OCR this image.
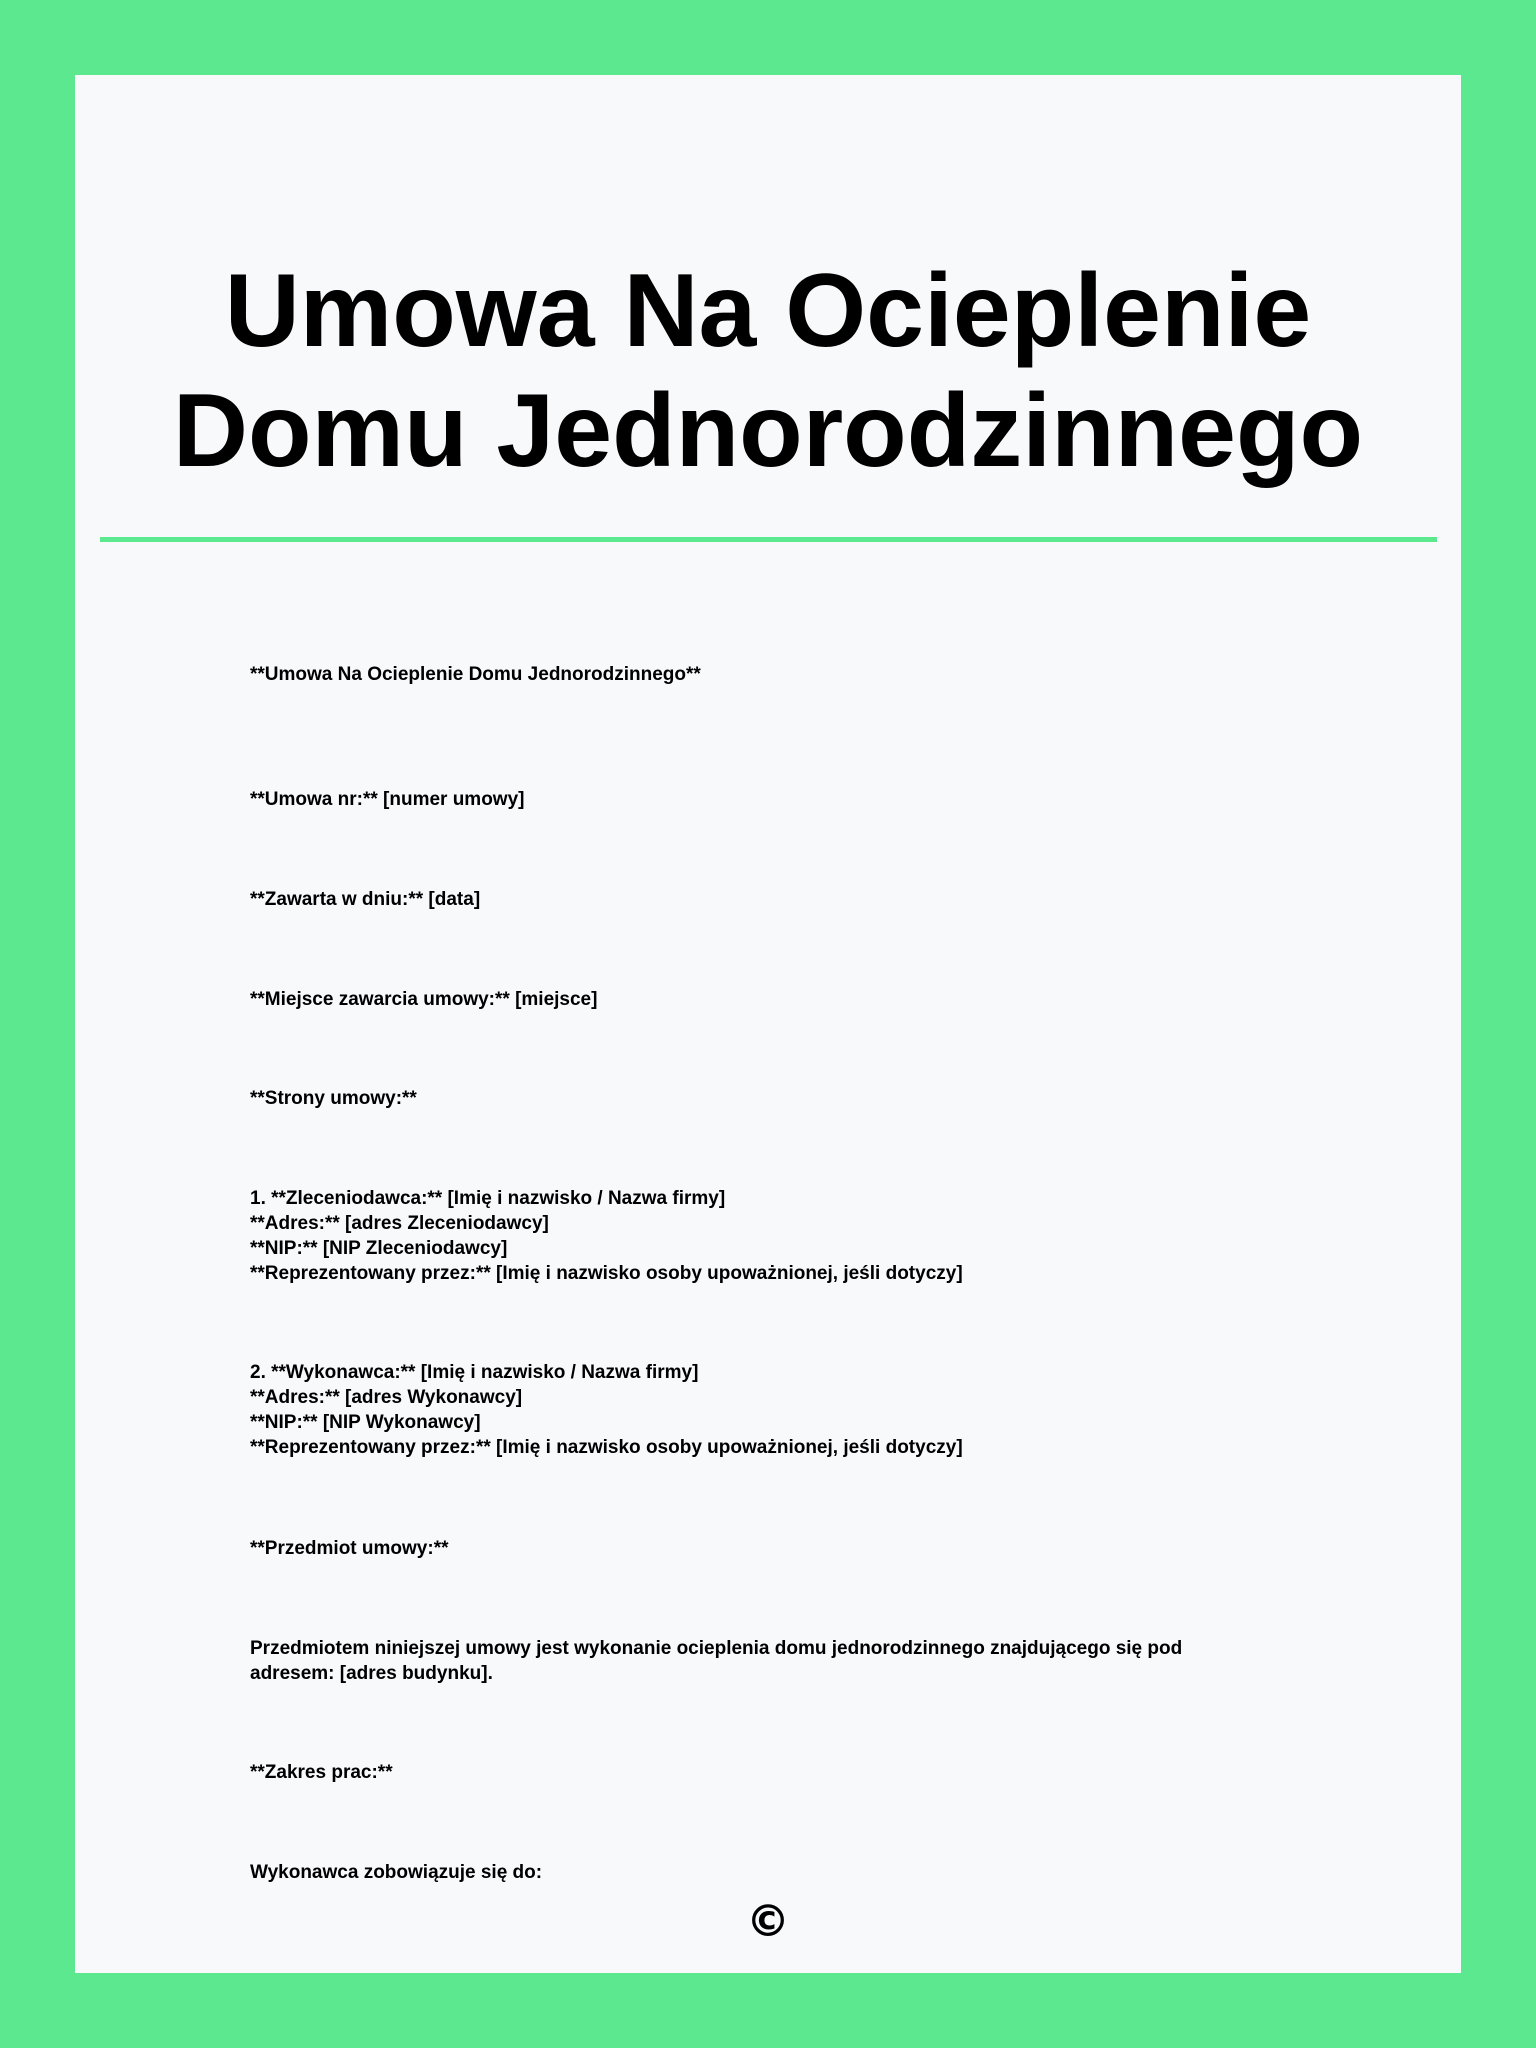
Umowa Na Ocieplenie Domu Jednorodzinnego

**Umowa Na Ocieplenie Domu Jednorodzinnego**

**Umowa nr:** [numer umowy]

**Zawarta w dniu:** [data]

**Miejsce zawarcia umowy:** [miejsce]

**Strony umowy:**

1. **Zleceniodawca:** [Imię i nazwisko / Nazwa firmy]
**Adres:** [adres Zleceniodawcy]
**NIP:** [NIP Zleceniodawcy]
**Reprezentowany przez:** [Imię i nazwisko osoby upoważnionej, jeśli dotyczy]

2. **Wykonawca:** [Imię i nazwisko / Nazwa firmy]
**Adres:** [adres Wykonawcy]
**NIP:** [NIP Wykonawcy]
**Reprezentowany przez:** [Imię i nazwisko osoby upoważnionej, jeśli dotyczy]

**Przedmiot umowy:**

Przedmiotem niniejszej umowy jest wykonanie ocieplenia domu jednorodzinnego znajdującego się pod
adresem: [adres budynku].

**Zakres prac:**

Wykonawca zobowiązuje się do:

©
